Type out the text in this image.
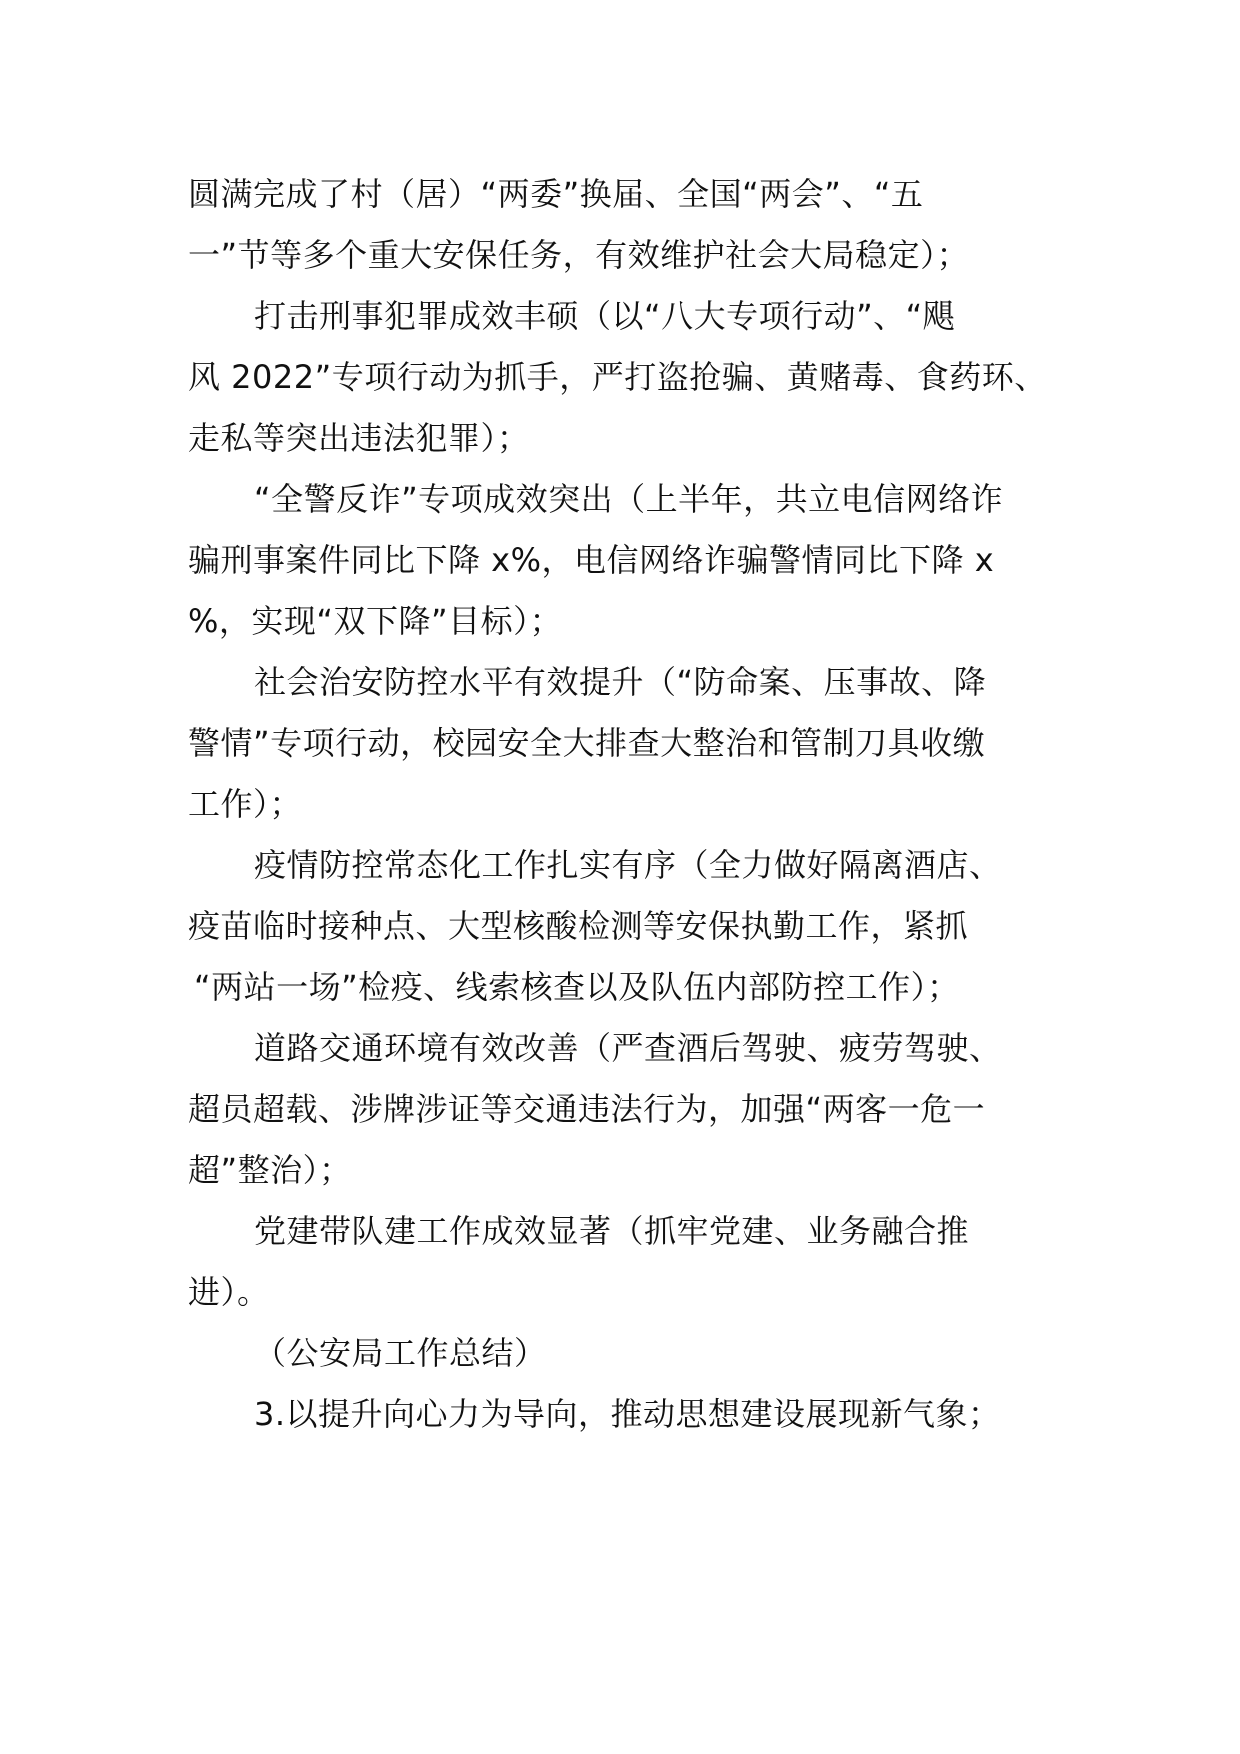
圆满完成了村（居）“两委”换届、全国“两会”、“五
一”节等多个重大安保任务，有效维护社会大局稳定）；
打击刑事犯罪成效丰硕（以“八大专项行动”、“飓
风 2022”专项行动为抓手，严打盗抢骗、黄赌毒、食药环、
走私等突出违法犯罪）；
“全警反诈”专项成效突出（上半年，共立电信网络诈
骗刑事案件同比下降 x%，电信网络诈骗警情同比下降 x
%，实现“双下降”目标）；
社会治安防控水平有效提升（“防命案、压事故、降
警情”专项行动，校园安全大排查大整治和管制刀具收缴
工作）；
疫情防控常态化工作扎实有序（全力做好隔离酒店、
疫苗临时接种点、大型核酸检测等安保执勤工作，紧抓
“两站一场”检疫、线索核查以及队伍内部防控工作）；
道路交通环境有效改善（严查酒后驾驶、疲劳驾驶、
超员超载、涉牌涉证等交通违法行为，加强“两客一危一
超”整治）；
党建带队建工作成效显著（抓牢党建、业务融合推
进）。
（公安局工作总结）
3.以提升向心力为导向，推动思想建设展现新气象；
